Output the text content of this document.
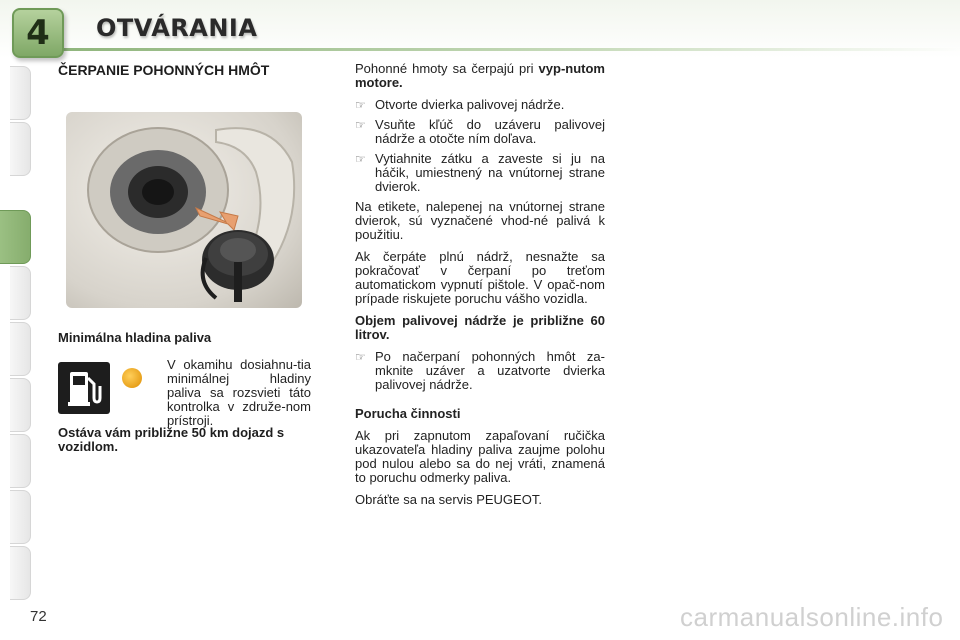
4 OTVÁRANIA
ČERPANIE POHONNÝCH HMÔT
Minimálna hladina paliva
V okamihu dosiahnu-tia minimálnej hladiny paliva sa rozsvieti táto kontrolka v združe-nom prístroji.
Ostáva vám približne 50 km dojazd s vozidlom.

Pohonné hmoty sa čerpajú pri vyp-nutom motore.

☞ Otvorte dvierka palivovej nádrže.
☞ Vsuňte kľúč do uzáveru palivovej nádrže a otočte ním doľava.
☞ Vytiahnite zátku a zaveste si ju na háčik, umiestnený na vnútornej strane dvierok.

Na etikete, nalepenej na vnútornej strane dvierok, sú vyznačené vhod-né palivá k použitiu.

Ak čerpáte plnú nádrž, nesnažte sa pokračovať v čerpaní po treťom automatickom vypnutí pištole. V opač-nom prípade riskujete poruchu vášho vozidla.

Objem palivovej nádrže je približne 60 litrov.

☞ Po načerpaní pohonných hmôt za-mknite uzáver a uzatvorte dvierka palivovej nádrže.

Porucha činnosti

Ak pri zapnutom zapaľovaní ručička ukazovateľa hladiny paliva zaujme polohu pod nulou alebo sa do nej vráti, znamená to poruchu odmerky paliva.

Obráťte sa na servis PEUGEOT.

72	carmanualsonline.info
